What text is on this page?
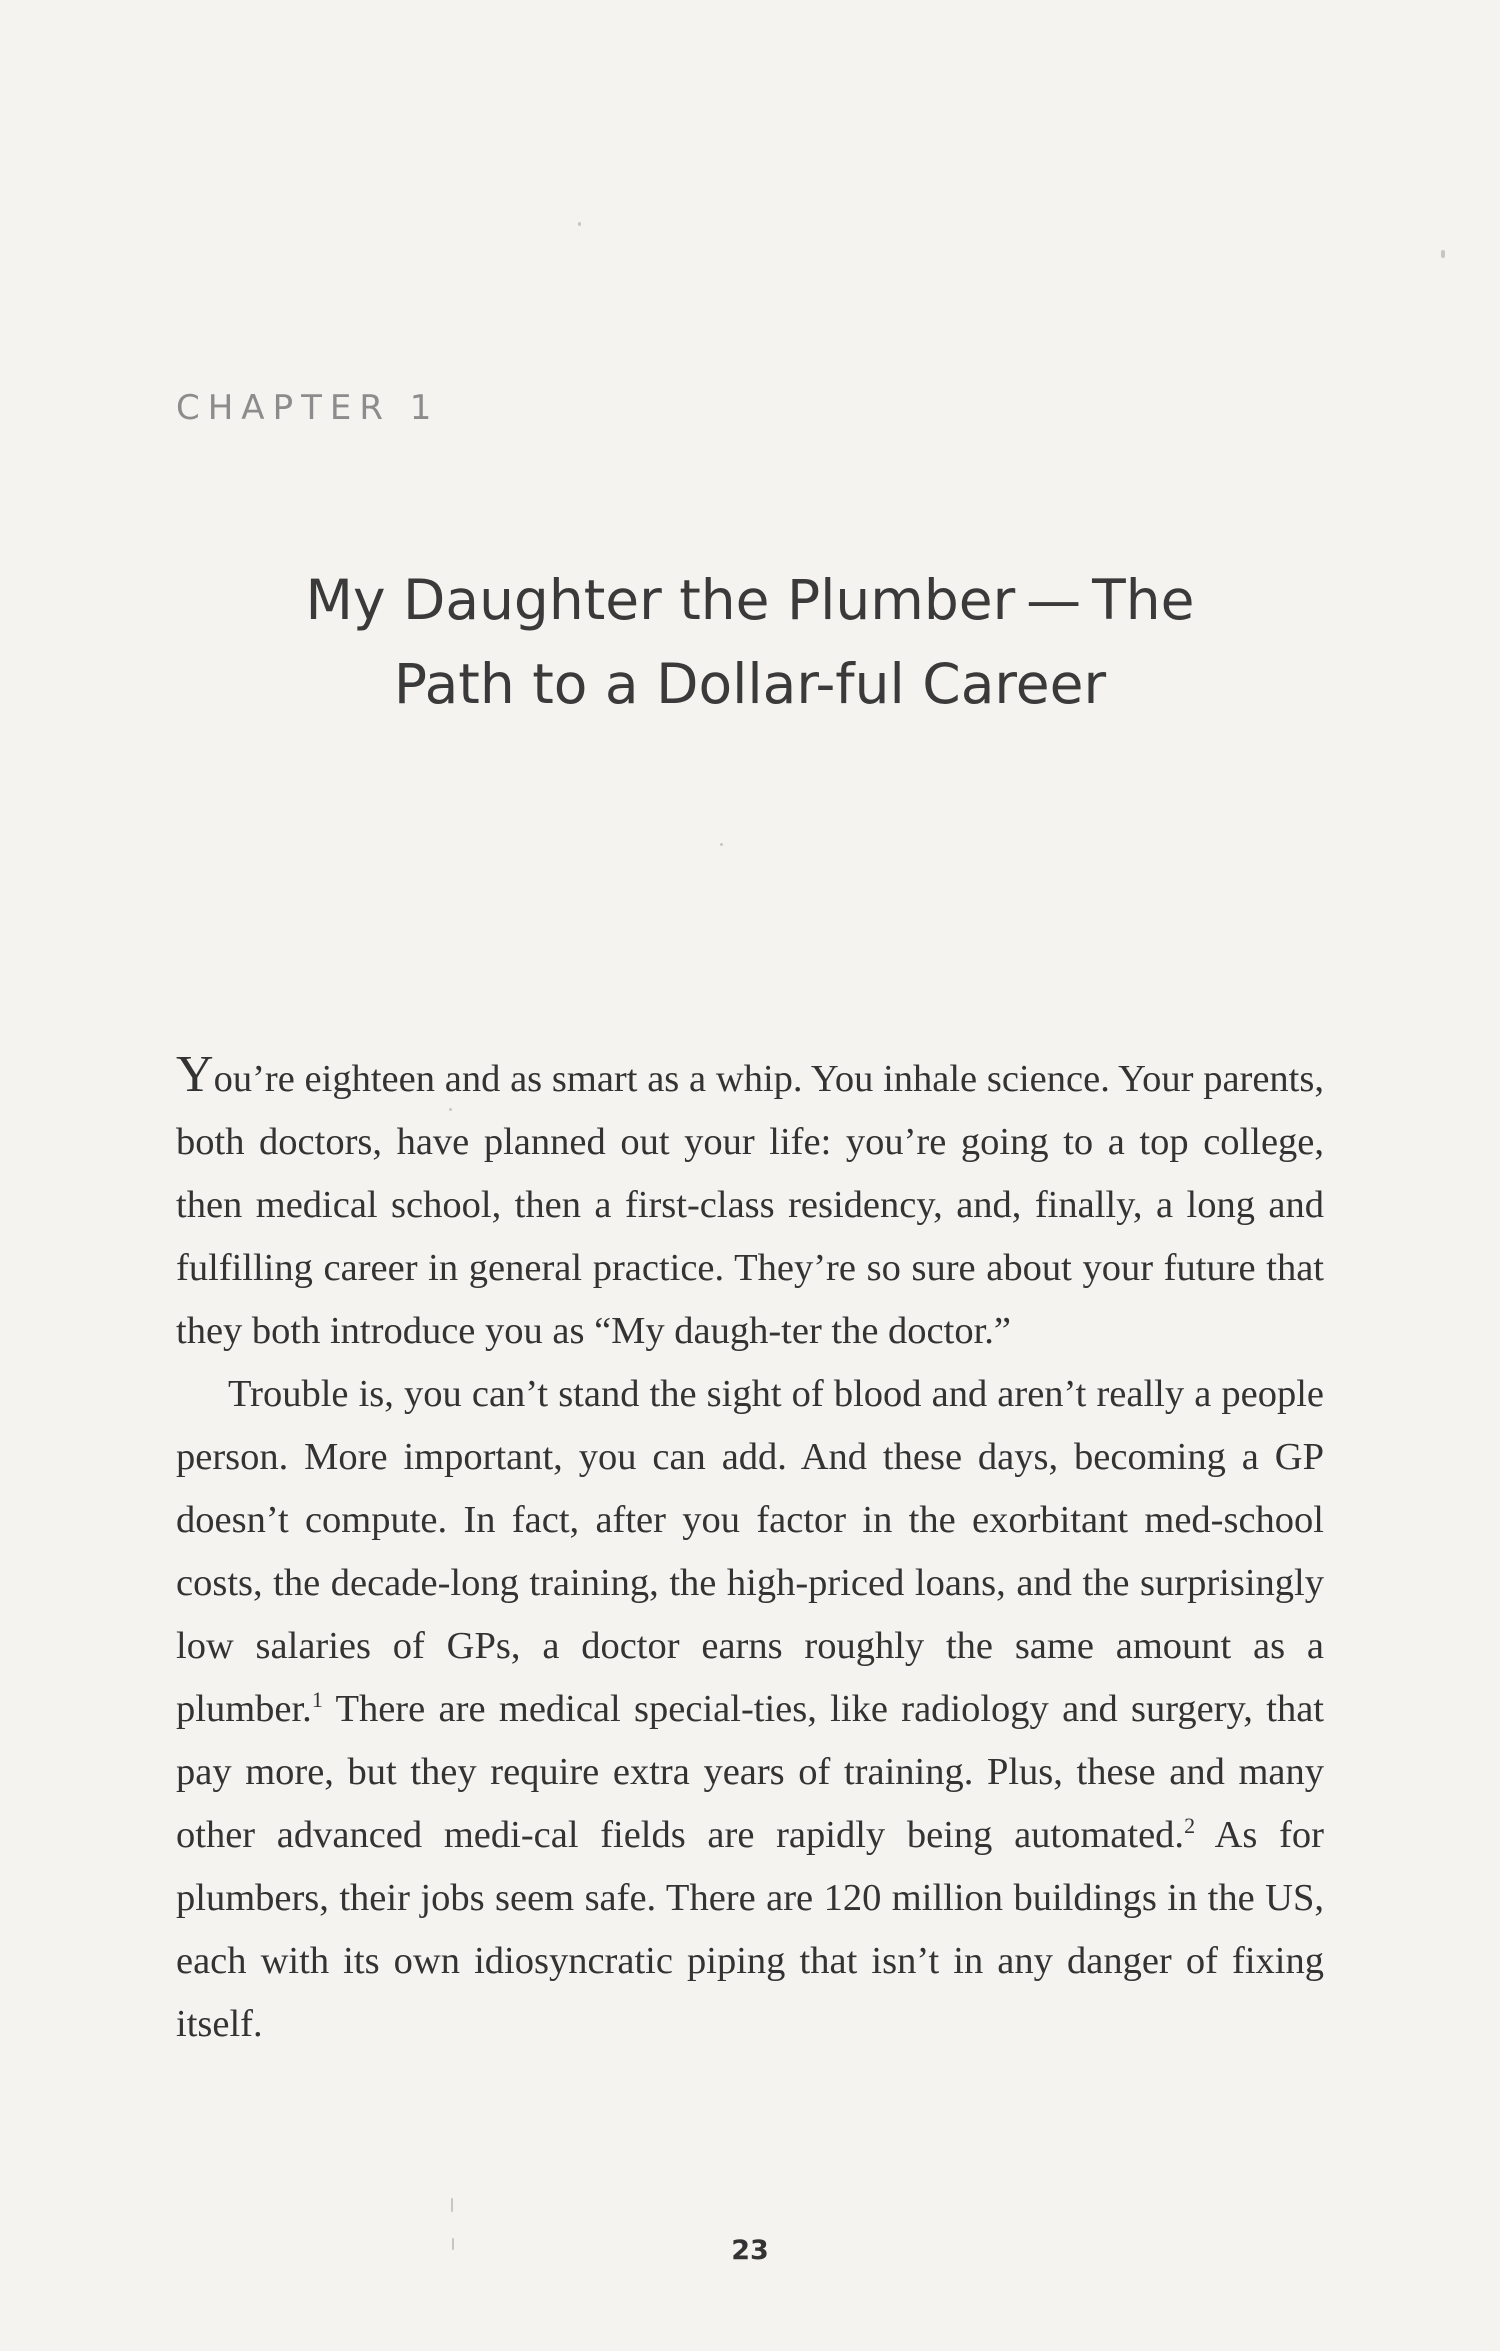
CHAPTER 1
My Daughter the Plumber — The
Path to a Dollar-ful Career

You’re eighteen and as smart as a whip. You inhale science. Your parents, both doctors, have planned out your life: you’re going to a top college, then medical school, then a first-class residency, and, finally, a long and fulfilling career in general practice. They’re so sure about your future that they both introduce you as “My daugh-ter the doctor.”

Trouble is, you can’t stand the sight of blood and aren’t really a people person. More important, you can add. And these days, becoming a GP doesn’t compute. In fact, after you factor in the exorbitant med-school costs, the decade-long training, the high-priced loans, and the surprisingly low salaries of GPs, a doctor earns roughly the same amount as a plumber.$^1$ There are medical special-ties, like radiology and surgery, that pay more, but they require extra years of training. Plus, these and many other advanced medi-cal fields are rapidly being automated.$^2$ As for plumbers, their jobs seem safe. There are 120 million buildings in the US, each with its own idiosyncratic piping that isn’t in any danger of fixing itself.

23
